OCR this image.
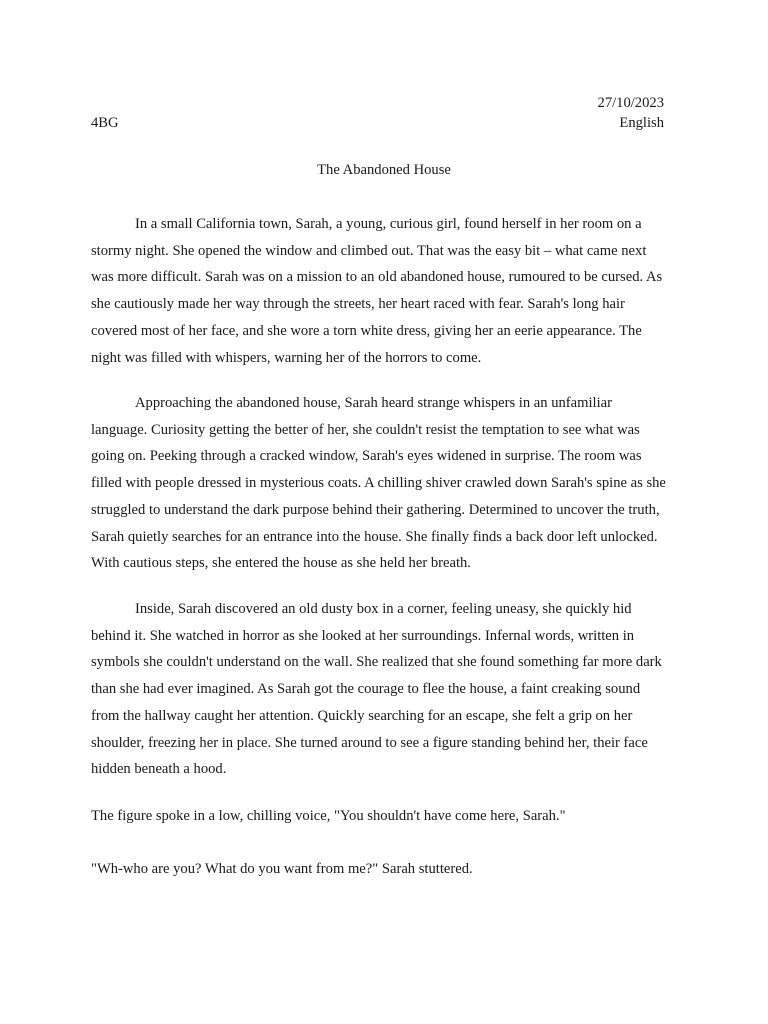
27/10/2023
4BG	English
The Abandoned House

In a small California town, Sarah, a young, curious girl, found herself in her room on a stormy night. She opened the window and climbed out. That was the easy bit – what came next was more difficult. Sarah was on a mission to an old abandoned house, rumoured to be cursed. As she cautiously made her way through the streets, her heart raced with fear. Sarah's long hair covered most of her face, and she wore a torn white dress, giving her an eerie appearance. The night was filled with whispers, warning her of the horrors to come.

Approaching the abandoned house, Sarah heard strange whispers in an unfamiliar language. Curiosity getting the better of her, she couldn't resist the temptation to see what was going on. Peeking through a cracked window, Sarah's eyes widened in surprise. The room was filled with people dressed in mysterious coats. A chilling shiver crawled down Sarah's spine as she struggled to understand the dark purpose behind their gathering. Determined to uncover the truth, Sarah quietly searches for an entrance into the house. She finally finds a back door left unlocked. With cautious steps, she entered the house as she held her breath.

Inside, Sarah discovered an old dusty box in a corner, feeling uneasy, she quickly hid behind it. She watched in horror as she looked at her surroundings. Infernal words, written in symbols she couldn't understand on the wall. She realized that she found something far more dark than she had ever imagined. As Sarah got the courage to flee the house, a faint creaking sound from the hallway caught her attention. Quickly searching for an escape, she felt a grip on her shoulder, freezing her in place. She turned around to see a figure standing behind her, their face hidden beneath a hood.

The figure spoke in a low, chilling voice, "You shouldn't have come here, Sarah."

"Wh-who are you? What do you want from me?" Sarah stuttered.
